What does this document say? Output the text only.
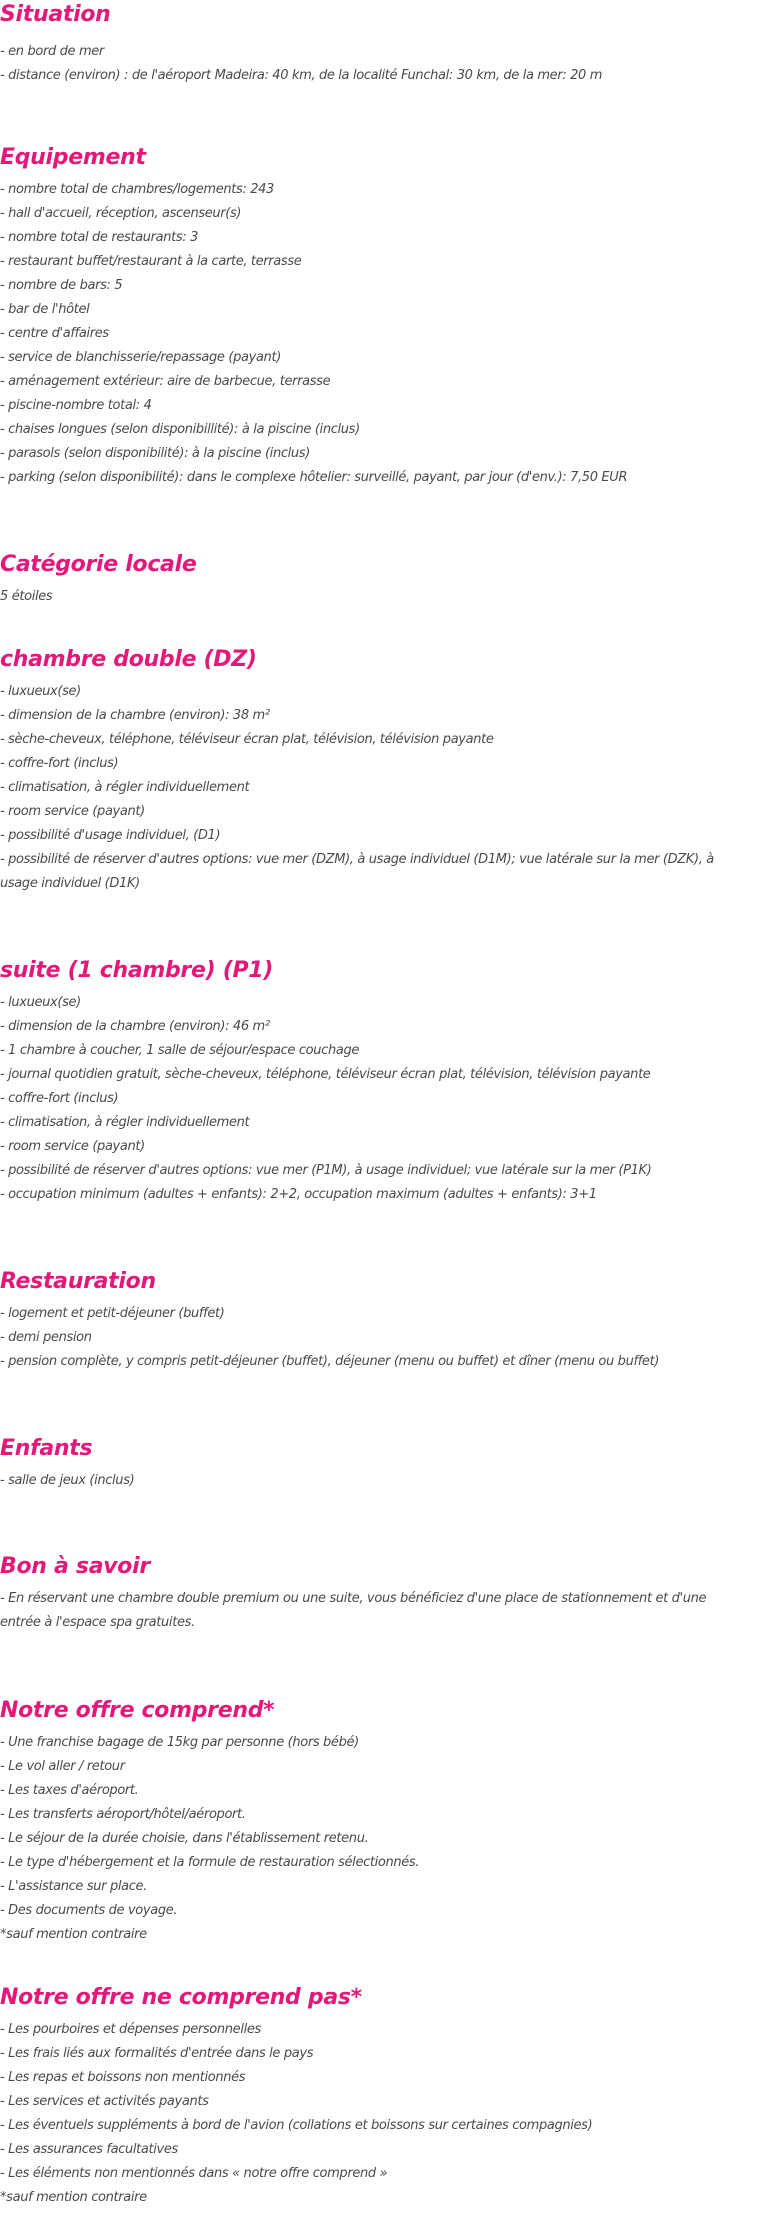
Situation
- en bord de mer
- distance (environ) : de l'aéroport Madeira: 40 km, de la localité Funchal: 30 km, de la mer: 20 m
Equipement
- nombre total de chambres/logements: 243
- hall d'accueil, réception, ascenseur(s)
- nombre total de restaurants: 3
- restaurant buffet/restaurant à la carte, terrasse
- nombre de bars: 5
- bar de l'hôtel
- centre d'affaires
- service de blanchisserie/repassage (payant)
- aménagement extérieur: aire de barbecue, terrasse
- piscine-nombre total: 4
- chaises longues (selon disponibillité): à la piscine (inclus)
- parasols (selon disponibilité): à la piscine (inclus)
- parking (selon disponibilité): dans le complexe hôtelier: surveillé, payant, par jour (d'env.): 7,50 EUR
Catégorie locale
5 étoiles
chambre double (DZ)
- luxueux(se)
- dimension de la chambre (environ): 38 m²
- sèche-cheveux, téléphone, téléviseur écran plat, télévision, télévision payante
- coffre-fort (inclus)
- climatisation, à régler individuellement
- room service (payant)
- possibilité d'usage individuel, (D1)
- possibilité de réserver d'autres options: vue mer (DZM), à usage individuel (D1M); vue latérale sur la mer (DZK), à usage individuel (D1K)
suite (1 chambre) (P1)
- luxueux(se)
- dimension de la chambre (environ): 46 m²
- 1 chambre à coucher, 1 salle de séjour/espace couchage
- journal quotidien gratuit, sèche-cheveux, téléphone, téléviseur écran plat, télévision, télévision payante
- coffre-fort (inclus)
- climatisation, à régler individuellement
- room service (payant)
- possibilité de réserver d'autres options: vue mer (P1M), à usage individuel; vue latérale sur la mer (P1K)
- occupation minimum (adultes + enfants): 2+2, occupation maximum (adultes + enfants): 3+1
Restauration
- logement et petit-déjeuner (buffet)
- demi pension
- pension complète, y compris petit-déjeuner (buffet), déjeuner (menu ou buffet) et dîner (menu ou buffet)
Enfants
- salle de jeux (inclus)
Bon à savoir
- En réservant une chambre double premium ou une suite, vous bénéficiez d'une place de stationnement et d'une entrée à l'espace spa gratuites.
Notre offre comprend*
- Une franchise bagage de 15kg par personne (hors bébé)
- Le vol aller / retour
- Les taxes d'aéroport.
- Les transferts aéroport/hôtel/aéroport.
- Le séjour de la durée choisie, dans l'établissement retenu.
- Le type d'hébergement et la formule de restauration sélectionnés.
- L'assistance sur place.
- Des documents de voyage.
*sauf mention contraire
Notre offre ne comprend pas*
- Les pourboires et dépenses personnelles
- Les frais liés aux formalités d'entrée dans le pays
- Les repas et boissons non mentionnés
- Les services et activités payants
- Les éventuels suppléments à bord de l'avion (collations et boissons sur certaines compagnies)
- Les assurances facultatives
- Les éléments non mentionnés dans « notre offre comprend »
*sauf mention contraire
